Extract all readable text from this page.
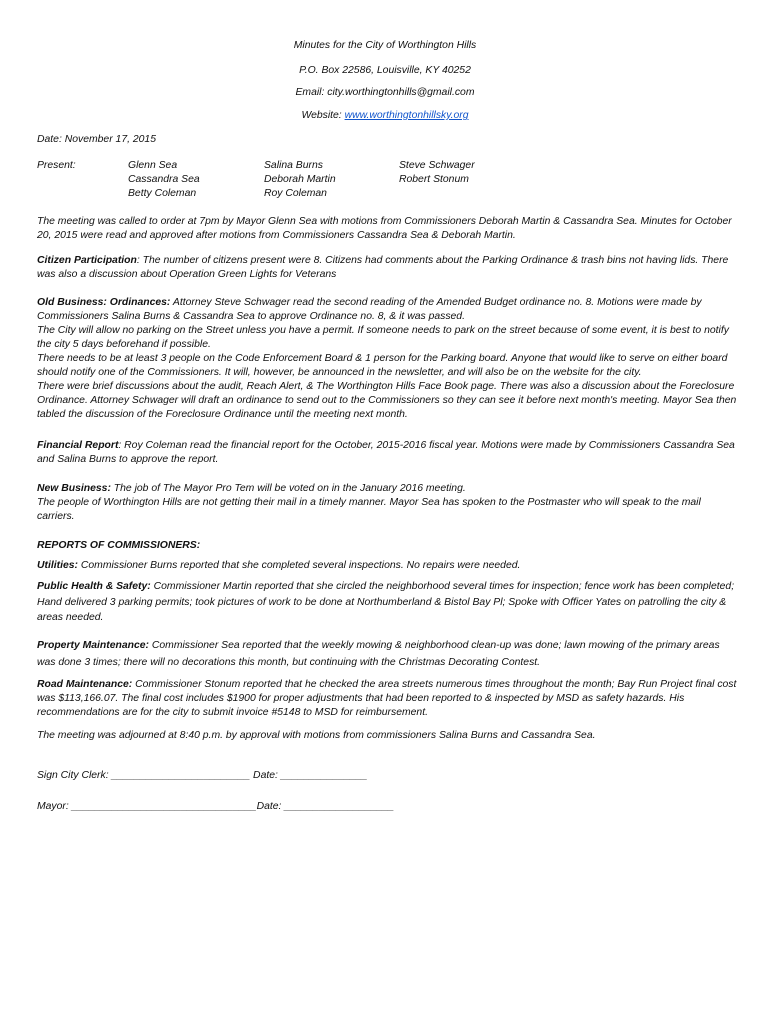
Minutes for the City of Worthington Hills
P.O. Box 22586, Louisville, KY 40252
Email: city.worthingtonhills@gmail.com
Website: www.worthingtonhillsky.org
Date: November 17, 2015
Present:	Glenn Sea
Cassandra Sea
Betty Coleman
Salina Burns
Deborah Martin
Roy Coleman
Steve Schwager
Robert Stonum
The meeting was called to order at 7pm by Mayor Glenn Sea with motions from Commissioners Deborah Martin & Cassandra Sea. Minutes for October 20, 2015 were read and approved after motions from Commissioners Cassandra Sea & Deborah Martin.
Citizen Participation: The number of citizens present were 8. Citizens had comments about the Parking Ordinance & trash bins not having lids. There was also a discussion about Operation Green Lights for Veterans
Old Business: Ordinances: Attorney Steve Schwager read the second reading of the Amended Budget ordinance no. 8. Motions were made by Commissioners Salina Burns & Cassandra Sea to approve Ordinance no. 8, & it was passed.
The City will allow no parking on the Street unless you have a permit. If someone needs to park on the street because of some event, it is best to notify the city 5 days beforehand if possible.
There needs to be at least 3 people on the Code Enforcement Board & 1 person for the Parking board. Anyone that would like to serve on either board should notify one of the Commissioners. It will, however, be announced in the newsletter, and will also be on the website for the city.
There were brief discussions about the audit, Reach Alert, & The Worthington Hills Face Book page. There was also a discussion about the Foreclosure Ordinance. Attorney Schwager will draft an ordinance to send out to the Commissioners so they can see it before next month's meeting. Mayor Sea then tabled the discussion of the Foreclosure Ordinance until the meeting next month.
Financial Report: Roy Coleman read the financial report for the October, 2015-2016 fiscal year. Motions were made by Commissioners Cassandra Sea and Salina Burns to approve the report.
New Business: The job of The Mayor Pro Tem will be voted on in the January 2016 meeting.
The people of Worthington Hills are not getting their mail in a timely manner. Mayor Sea has spoken to the Postmaster who will speak to the mail carriers.
REPORTS OF COMMISSIONERS:
Utilities: Commissioner Burns reported that she completed several inspections. No repairs were needed.
Public Health & Safety: Commissioner Martin reported that she circled the neighborhood several times for inspection; fence work has been completed; Hand delivered 3 parking permits; took pictures of work to be done at Northumberland & Bistol Bay Pl; Spoke with Officer Yates on patrolling the city & areas needed.
Property Maintenance: Commissioner Sea reported that the weekly mowing & neighborhood clean-up was done; lawn mowing of the primary areas was done 3 times; there will no decorations this month, but continuing with the Christmas Decorating Contest.
Road Maintenance: Commissioner Stonum reported that he checked the area streets numerous times throughout the month; Bay Run Project final cost was $113,166.07. The final cost includes $1900 for proper adjustments that had been reported to & inspected by MSD as safety hazards. His recommendations are for the city to submit invoice #5148 to MSD for reimbursement.
The meeting was adjourned at 8:40 p.m. by approval with motions from commissioners Salina Burns and Cassandra Sea.
Sign City Clerk: ________________________ Date: _______________
Mayor: ________________________________Date: ___________________
